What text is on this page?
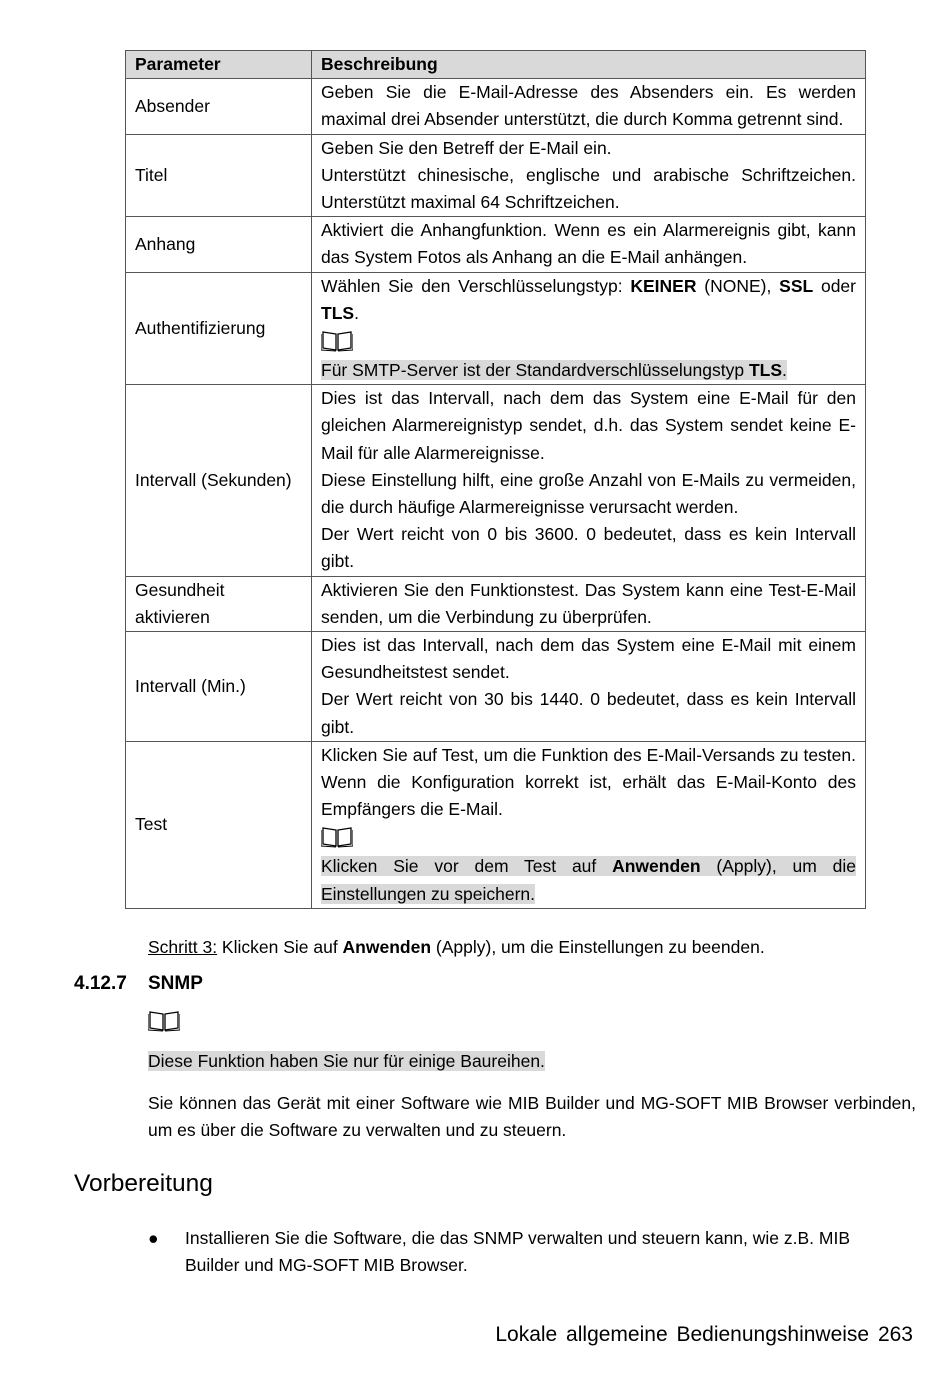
Parameter	Beschreibung
Absender	Geben Sie die E-Mail-Adresse des Absenders ein. Es werden maximal drei Absender unterstützt, die durch Komma getrennt sind.

Titel	Geben Sie den Betreff der E-Mail ein.

Unterstützt chinesische, englische und arabische Schriftzeichen. Unterstützt maximal 64 Schriftzeichen.

Anhang	Aktiviert die Anhangfunktion. Wenn es ein Alarmereignis gibt, kann das System Fotos als Anhang an die E-Mail anhängen.

Authentifizierung	Wählen Sie den Verschlüsselungstyp: KEINER (NONE), SSL oder TLS.

Für SMTP-Server ist der Standardverschlüsselungstyp TLS.

Intervall (Sekunden)	Dies ist das Intervall, nach dem das System eine E-Mail für den gleichen Alarmereignistyp sendet, d.h. das System sendet keine E-Mail für alle Alarmereignisse.

Diese Einstellung hilft, eine große Anzahl von E-Mails zu vermeiden, die durch häufige Alarmereignisse verursacht werden.

Der Wert reicht von 0 bis 3600. 0 bedeutet, dass es kein Intervall gibt.

Gesundheit
aktivieren	Aktivieren Sie den Funktionstest. Das System kann eine Test-E-Mail senden, um die Verbindung zu überprüfen.

Intervall (Min.)	Dies ist das Intervall, nach dem das System eine E-Mail mit einem Gesundheitstest sendet.

Der Wert reicht von 30 bis 1440. 0 bedeutet, dass es kein Intervall gibt.

Test	Klicken Sie auf Test, um die Funktion des E-Mail-Versands zu testen. Wenn die Konfiguration korrekt ist, erhält das E-Mail-Konto des Empfängers die E-Mail.

Klicken Sie vor dem Test auf Anwenden (Apply), um die Einstellungen zu speichern.

Schritt 3: Klicken Sie auf Anwenden (Apply), um die Einstellungen zu beenden.

4.12.7 SNMP

Diese Funktion haben Sie nur für einige Baureihen.

Sie können das Gerät mit einer Software wie MIB Builder und MG-SOFT MIB Browser verbinden, um es über die Software zu verwalten und zu steuern.

Vorbereitung

●	Installieren Sie die Software, die das SNMP verwalten und steuern kann, wie z.B. MIB Builder und MG-SOFT MIB Browser.

Lokale allgemeine Bedienungshinweise 263
